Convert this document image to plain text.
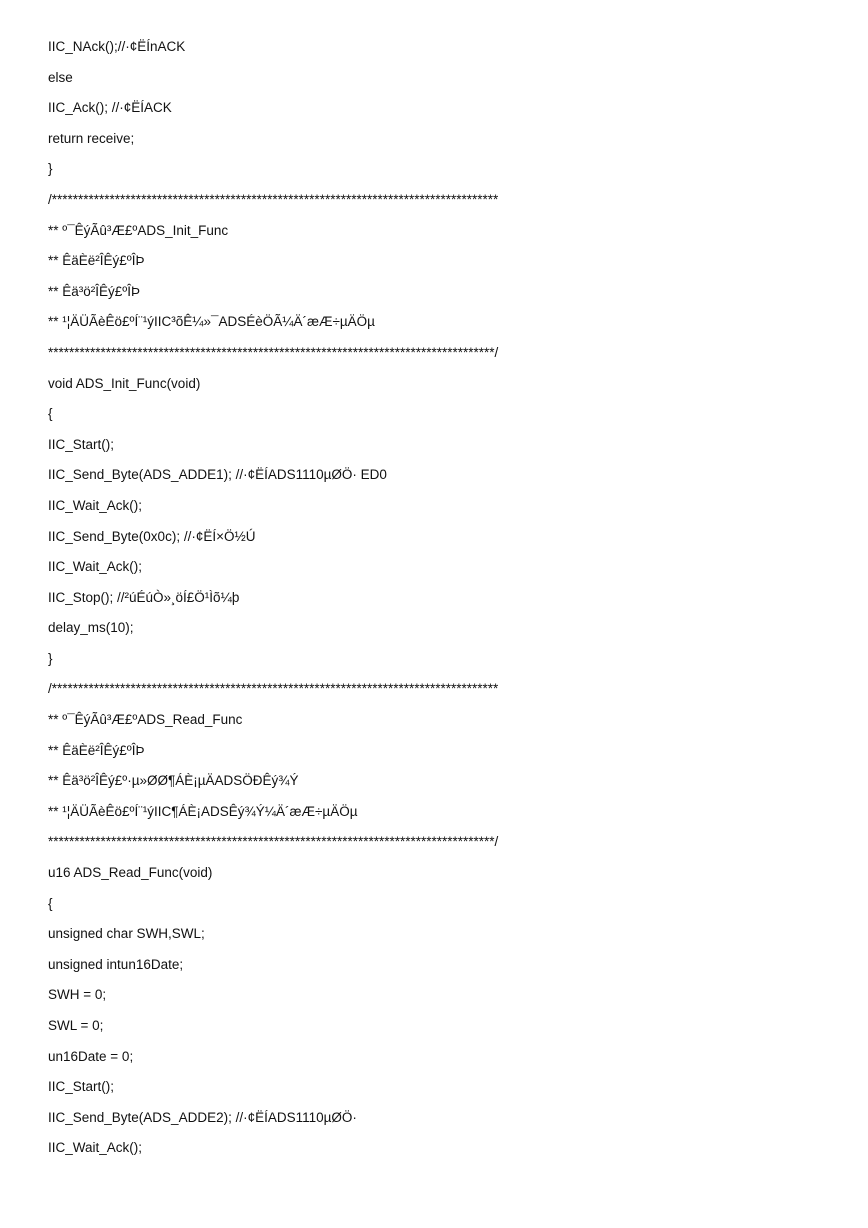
IIC_NAck();//·¢ËÍnACK
else
IIC_Ack(); //·¢ËÍACK
return receive;
}
/*************************************************************************************
** º¯ÊýÃû³Æ£ºADS_Init_Func
** ÊäÈë²ÎÊý£ºÎÞ
** Êä³ö²ÎÊý£ºÎÞ
** ¹¦ÄÜÃèÊö£ºÍ¨¹ýIIC³õÊ¼»¯ADSÉèÖÃ¼Ä´æÆ÷µÄÖµ
*************************************************************************************/
void ADS_Init_Func(void)
{
IIC_Start();
IIC_Send_Byte(ADS_ADDE1); //·¢ËÍADS1110µØÖ· ED0
IIC_Wait_Ack();
IIC_Send_Byte(0x0c); //·¢ËÍ×Ö½Ú
IIC_Wait_Ack();
IIC_Stop(); //²úÉúÒ»¸öÍ£Ö¹Ìõ¼þ
delay_ms(10);
}
/*************************************************************************************
** º¯ÊýÃû³Æ£ºADS_Read_Func
** ÊäÈë²ÎÊý£ºÎÞ
** Êä³ö²ÎÊý£º·µ»ØØ¶ÁÈ¡µÄADSÖÐÊý¾Ý
** ¹¦ÄÜÃèÊö£ºÍ¨¹ýIIC¶ÁÈ¡ADSÊý¾Ý¼Ä´æÆ÷µÄÖµ
*************************************************************************************/
u16 ADS_Read_Func(void)
{
unsigned char SWH,SWL;
unsigned intun16Date;
SWH = 0;
SWL = 0;
un16Date = 0;
IIC_Start();
IIC_Send_Byte(ADS_ADDE2); //·¢ËÍADS1110µØÖ·
IIC_Wait_Ack();
